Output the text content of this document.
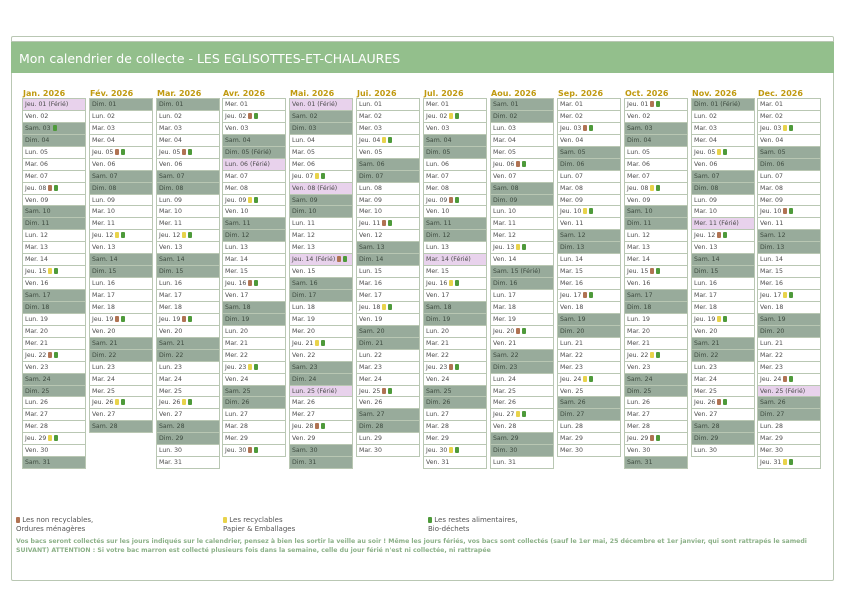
Mon calendrier de collecte - LES EGLISOTTES-ET-CHALAURES
Jan. 2026
Jeu. 01 (Férié)
Ven. 02
Sam. 03
Dim. 04
Lun. 05
Mar. 06
Mer. 07
Jeu. 08
Ven. 09
Sam. 10
Dim. 11
Lun. 12
Mar. 13
Mer. 14
Jeu. 15
Ven. 16
Sam. 17
Dim. 18
Lun. 19
Mar. 20
Mer. 21
Jeu. 22
Ven. 23
Sam. 24
Dim. 25
Lun. 26
Mar. 27
Mer. 28
Jeu. 29
Ven. 30
Sam. 31
Fév. 2026
Dim. 01
Lun. 02
Mar. 03
Mer. 04
Jeu. 05
Ven. 06
Sam. 07
Dim. 08
Lun. 09
Mar. 10
Mer. 11
Jeu. 12
Ven. 13
Sam. 14
Dim. 15
Lun. 16
Mar. 17
Mer. 18
Jeu. 19
Ven. 20
Sam. 21
Dim. 22
Lun. 23
Mar. 24
Mer. 25
Jeu. 26
Ven. 27
Sam. 28
Mar. 2026
Dim. 01
Lun. 02
Mar. 03
Mer. 04
Jeu. 05
Ven. 06
Sam. 07
Dim. 08
Lun. 09
Mar. 10
Mer. 11
Jeu. 12
Ven. 13
Sam. 14
Dim. 15
Lun. 16
Mar. 17
Mer. 18
Jeu. 19
Ven. 20
Sam. 21
Dim. 22
Lun. 23
Mar. 24
Mer. 25
Jeu. 26
Ven. 27
Sam. 28
Dim. 29
Lun. 30
Mar. 31
Avr. 2026
Mer. 01
Jeu. 02
Ven. 03
Sam. 04
Dim. 05 (Férié)
Lun. 06 (Férié)
Mar. 07
Mer. 08
Jeu. 09
Ven. 10
Sam. 11
Dim. 12
Lun. 13
Mar. 14
Mer. 15
Jeu. 16
Ven. 17
Sam. 18
Dim. 19
Lun. 20
Mar. 21
Mer. 22
Jeu. 23
Ven. 24
Sam. 25
Dim. 26
Lun. 27
Mar. 28
Mer. 29
Jeu. 30
Mai. 2026
Ven. 01 (Férié)
Sam. 02
Dim. 03
Lun. 04
Mar. 05
Mer. 06
Jeu. 07
Ven. 08 (Férié)
Sam. 09
Dim. 10
Lun. 11
Mar. 12
Mer. 13
Jeu. 14 (Férié)
Ven. 15
Sam. 16
Dim. 17
Lun. 18
Mar. 19
Mer. 20
Jeu. 21
Ven. 22
Sam. 23
Dim. 24
Lun. 25 (Férié)
Mar. 26
Mer. 27
Jeu. 28
Ven. 29
Sam. 30
Dim. 31
Jui. 2026
Lun. 01
Mar. 02
Mer. 03
Jeu. 04
Ven. 05
Sam. 06
Dim. 07
Lun. 08
Mar. 09
Mer. 10
Jeu. 11
Ven. 12
Sam. 13
Dim. 14
Lun. 15
Mar. 16
Mer. 17
Jeu. 18
Ven. 19
Sam. 20
Dim. 21
Lun. 22
Mar. 23
Mer. 24
Jeu. 25
Ven. 26
Sam. 27
Dim. 28
Lun. 29
Mar. 30
Jul. 2026
Mer. 01
Jeu. 02
Ven. 03
Sam. 04
Dim. 05
Lun. 06
Mar. 07
Mer. 08
Jeu. 09
Ven. 10
Sam. 11
Dim. 12
Lun. 13
Mar. 14 (Férié)
Mer. 15
Jeu. 16
Ven. 17
Sam. 18
Dim. 19
Lun. 20
Mar. 21
Mer. 22
Jeu. 23
Ven. 24
Sam. 25
Dim. 26
Lun. 27
Mar. 28
Mer. 29
Jeu. 30
Ven. 31
Aou. 2026
Sam. 01
Dim. 02
Lun. 03
Mar. 04
Mer. 05
Jeu. 06
Ven. 07
Sam. 08
Dim. 09
Lun. 10
Mar. 11
Mer. 12
Jeu. 13
Ven. 14
Sam. 15 (Férié)
Dim. 16
Lun. 17
Mar. 18
Mer. 19
Jeu. 20
Ven. 21
Sam. 22
Dim. 23
Lun. 24
Mar. 25
Mer. 26
Jeu. 27
Ven. 28
Sam. 29
Dim. 30
Lun. 31
Sep. 2026
Mar. 01
Mer. 02
Jeu. 03
Ven. 04
Sam. 05
Dim. 06
Lun. 07
Mar. 08
Mer. 09
Jeu. 10
Ven. 11
Sam. 12
Dim. 13
Lun. 14
Mar. 15
Mer. 16
Jeu. 17
Ven. 18
Sam. 19
Dim. 20
Lun. 21
Mar. 22
Mer. 23
Jeu. 24
Ven. 25
Sam. 26
Dim. 27
Lun. 28
Mar. 29
Mer. 30
Oct. 2026
Jeu. 01
Ven. 02
Sam. 03
Dim. 04
Lun. 05
Mar. 06
Mer. 07
Jeu. 08
Ven. 09
Sam. 10
Dim. 11
Lun. 12
Mar. 13
Mer. 14
Jeu. 15
Ven. 16
Sam. 17
Dim. 18
Lun. 19
Mar. 20
Mer. 21
Jeu. 22
Ven. 23
Sam. 24
Dim. 25
Lun. 26
Mar. 27
Mer. 28
Jeu. 29
Ven. 30
Sam. 31
Nov. 2026
Dim. 01 (Férié)
Lun. 02
Mar. 03
Mer. 04
Jeu. 05
Ven. 06
Sam. 07
Dim. 08
Lun. 09
Mar. 10
Mer. 11 (Férié)
Jeu. 12
Ven. 13
Sam. 14
Dim. 15
Lun. 16
Mar. 17
Mer. 18
Jeu. 19
Ven. 20
Sam. 21
Dim. 22
Lun. 23
Mar. 24
Mer. 25
Jeu. 26
Ven. 27
Sam. 28
Dim. 29
Lun. 30
Dec. 2026
Mar. 01
Mer. 02
Jeu. 03
Ven. 04
Sam. 05
Dim. 06
Lun. 07
Mar. 08
Mer. 09
Jeu. 10
Ven. 11
Sam. 12
Dim. 13
Lun. 14
Mar. 15
Mer. 16
Jeu. 17
Ven. 18
Sam. 19
Dim. 20
Lun. 21
Mar. 22
Mer. 23
Jeu. 24
Ven. 25 (Férié)
Sam. 26
Dim. 27
Lun. 28
Mar. 29
Mer. 30
Jeu. 31
Les non recyclables,
Ordures ménagères
Les recyclables
Papier & Emballages
Les restes alimentaires,
Bio-déchets
Vos bacs seront collectés sur les jours indiqués sur le calendrier, pensez à bien les sortir la veille au soir ! Même les jours fériés, vos bacs sont collectés (sauf le 1er mai, 25 décembre et 1er janvier, qui sont rattrapés le samedi SUIVANT) ATTENTION : Si votre bac marron est collecté plusieurs fois dans la semaine, celle du jour férié n'est ni collectée, ni rattrapée
